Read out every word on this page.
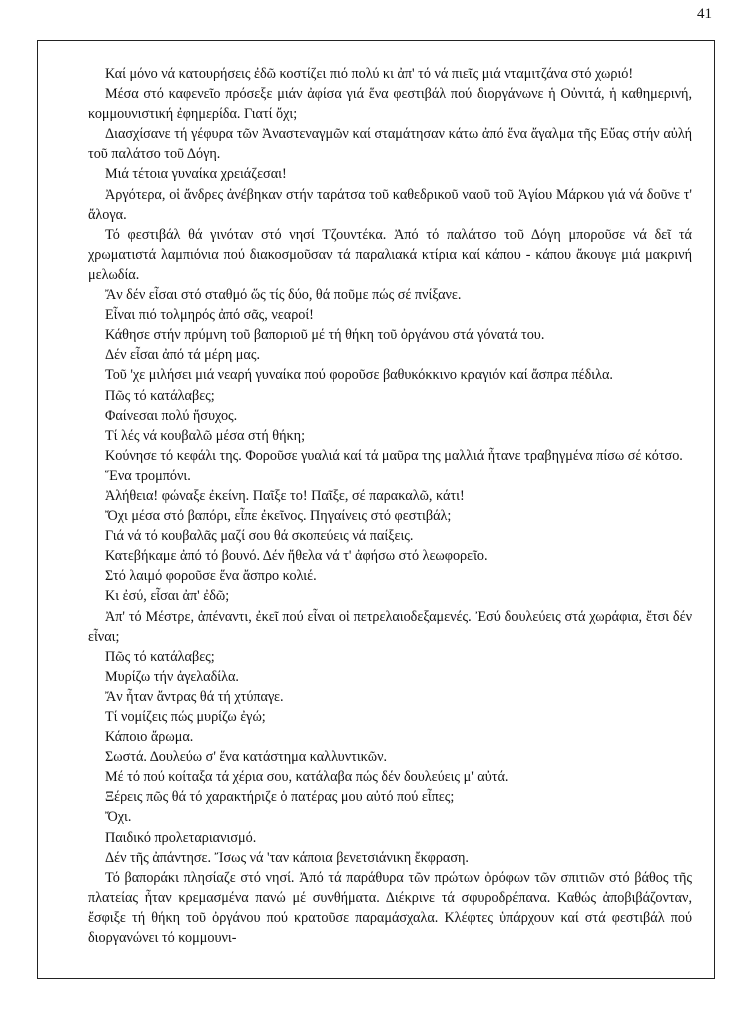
41

Καί μόνο νά κατουρήσεις ἐδῶ κοστίζει πιό πολύ κι ἀπ' τό νά πιεῖς μιά νταμιτζάνα στό χωριό!

Μέσα στό καφενεῖο πρόσεξε μιάν ἀφίσα γιά ἕνα φεστιβάλ πού διοργάνωνε ἡ Οὐνιτά, ἡ καθημερινή, κομμουνιστική ἐφημερίδα. Γιατί ὄχι;

Διασχίσανε τή γέφυρα τῶν Ἀναστεναγμῶν καί σταμάτησαν κάτω ἀπό ἕνα ἄγαλμα τῆς Εὔας στήν αὐλή τοῦ παλάτσο τοῦ Δόγη.

Μιά τέτοια γυναίκα χρειάζεσαι!

Ἀργότερα, οἱ ἄνδρες ἀνέβηκαν στήν ταράτσα τοῦ καθεδρικοῦ ναοῦ τοῦ Ἁγίου Μάρκου γιά νά δοῦνε τ' ἄλογα.

Τό φεστιβάλ θά γινόταν στό νησί Τζουντέκα. Ἀπό τό παλάτσο τοῦ Δόγη μποροῦσε νά δεῖ τά χρωματιστά λαμπιόνια πού διακοσμοῦσαν τά παραλιακά κτίρια καί κάπου - κάπου ἄκουγε μιά μακρινή μελωδία.

Ἄν δέν εἶσαι στό σταθμό ὥς τίς δύο, θά ποῦμε πώς σέ πνίξανε.

Εἶναι πιό τολμηρός ἀπό σᾶς, νεαροί!

Κάθησε στήν πρύμνη τοῦ βαποριοῦ μέ τή θήκη τοῦ ὀργάνου στά γόνατά του.

Δέν εἶσαι ἀπό τά μέρη μας.

Τοῦ 'χε μιλήσει μιά νεαρή γυναίκα πού φοροῦσε βαθυκόκκινο κραγιόν καί ἄσπρα πέδιλα.

Πῶς τό κατάλαβες;

Φαίνεσαι πολύ ἥσυχος.

Τί λές νά κουβαλῶ μέσα στή θήκη;

Κούνησε τό κεφάλι της. Φοροῦσε γυαλιά καί τά μαῦρα της μαλλιά ἦτανε τραβηγμένα πίσω σέ κότσο.

Ἕνα τρομπόνι.

Ἀλήθεια! φώναξε ἐκείνη. Παῖξε το! Παῖξε, σέ παρακαλῶ, κάτι!

Ὄχι μέσα στό βαπόρι, εἶπε ἐκεῖνος. Πηγαίνεις στό φεστιβάλ;

Γιά νά τό κουβαλᾶς μαζί σου θά σκοπεύεις νά παίξεις.

Κατεβήκαμε ἀπό τό βουνό. Δέν ἤθελα νά τ' ἀφήσω στό λεωφορεῖο.

Στό λαιμό φοροῦσε ἕνα ἄσπρο κολιέ.

Κι ἐσύ, εἶσαι ἀπ' ἐδῶ;

Ἀπ' τό Μέστρε, ἀπέναντι, ἐκεῖ πού εἶναι οἱ πετρελαιοδεξαμενές. Ἐσύ δουλεύεις στά χωράφια, ἔτσι δέν εἶναι;

Πῶς τό κατάλαβες;

Μυρίζω τήν ἀγελαδίλα.

Ἄν ἦταν ἄντρας θά τή χτύπαγε.

Τί νομίζεις πώς μυρίζω ἐγώ;

Κάποιο ἄρωμα.

Σωστά. Δουλεύω σ' ἕνα κατάστημα καλλυντικῶν.

Μέ τό πού κοίταξα τά χέρια σου, κατάλαβα πώς δέν δουλεύεις μ' αὐτά.

Ξέρεις πῶς θά τό χαρακτήριζε ὁ πατέρας μου αὐτό πού εἶπες;

Ὄχι.

Παιδικό προλεταριανισμό.

Δέν τῆς ἀπάντησε. Ἴσως νά 'ταν κάποια βενετσιάνικη ἔκφραση.

Τό βαποράκι πλησίαζε στό νησί. Ἀπό τά παράθυρα τῶν πρώτων ὀρόφων τῶν σπιτιῶν στό βάθος τῆς πλατείας ἦταν κρεμασμένα πανώ μέ συνθήματα. Διέκρινε τά σφυροδρέπανα. Καθώς ἀποβιβάζονταν, ἔσφιξε τή θήκη τοῦ ὀργάνου πού κρατοῦσε παραμάσχαλα. Κλέφτες ὑπάρχουν καί στά φεστιβάλ πού διοργανώνει τό κομμουνι-
